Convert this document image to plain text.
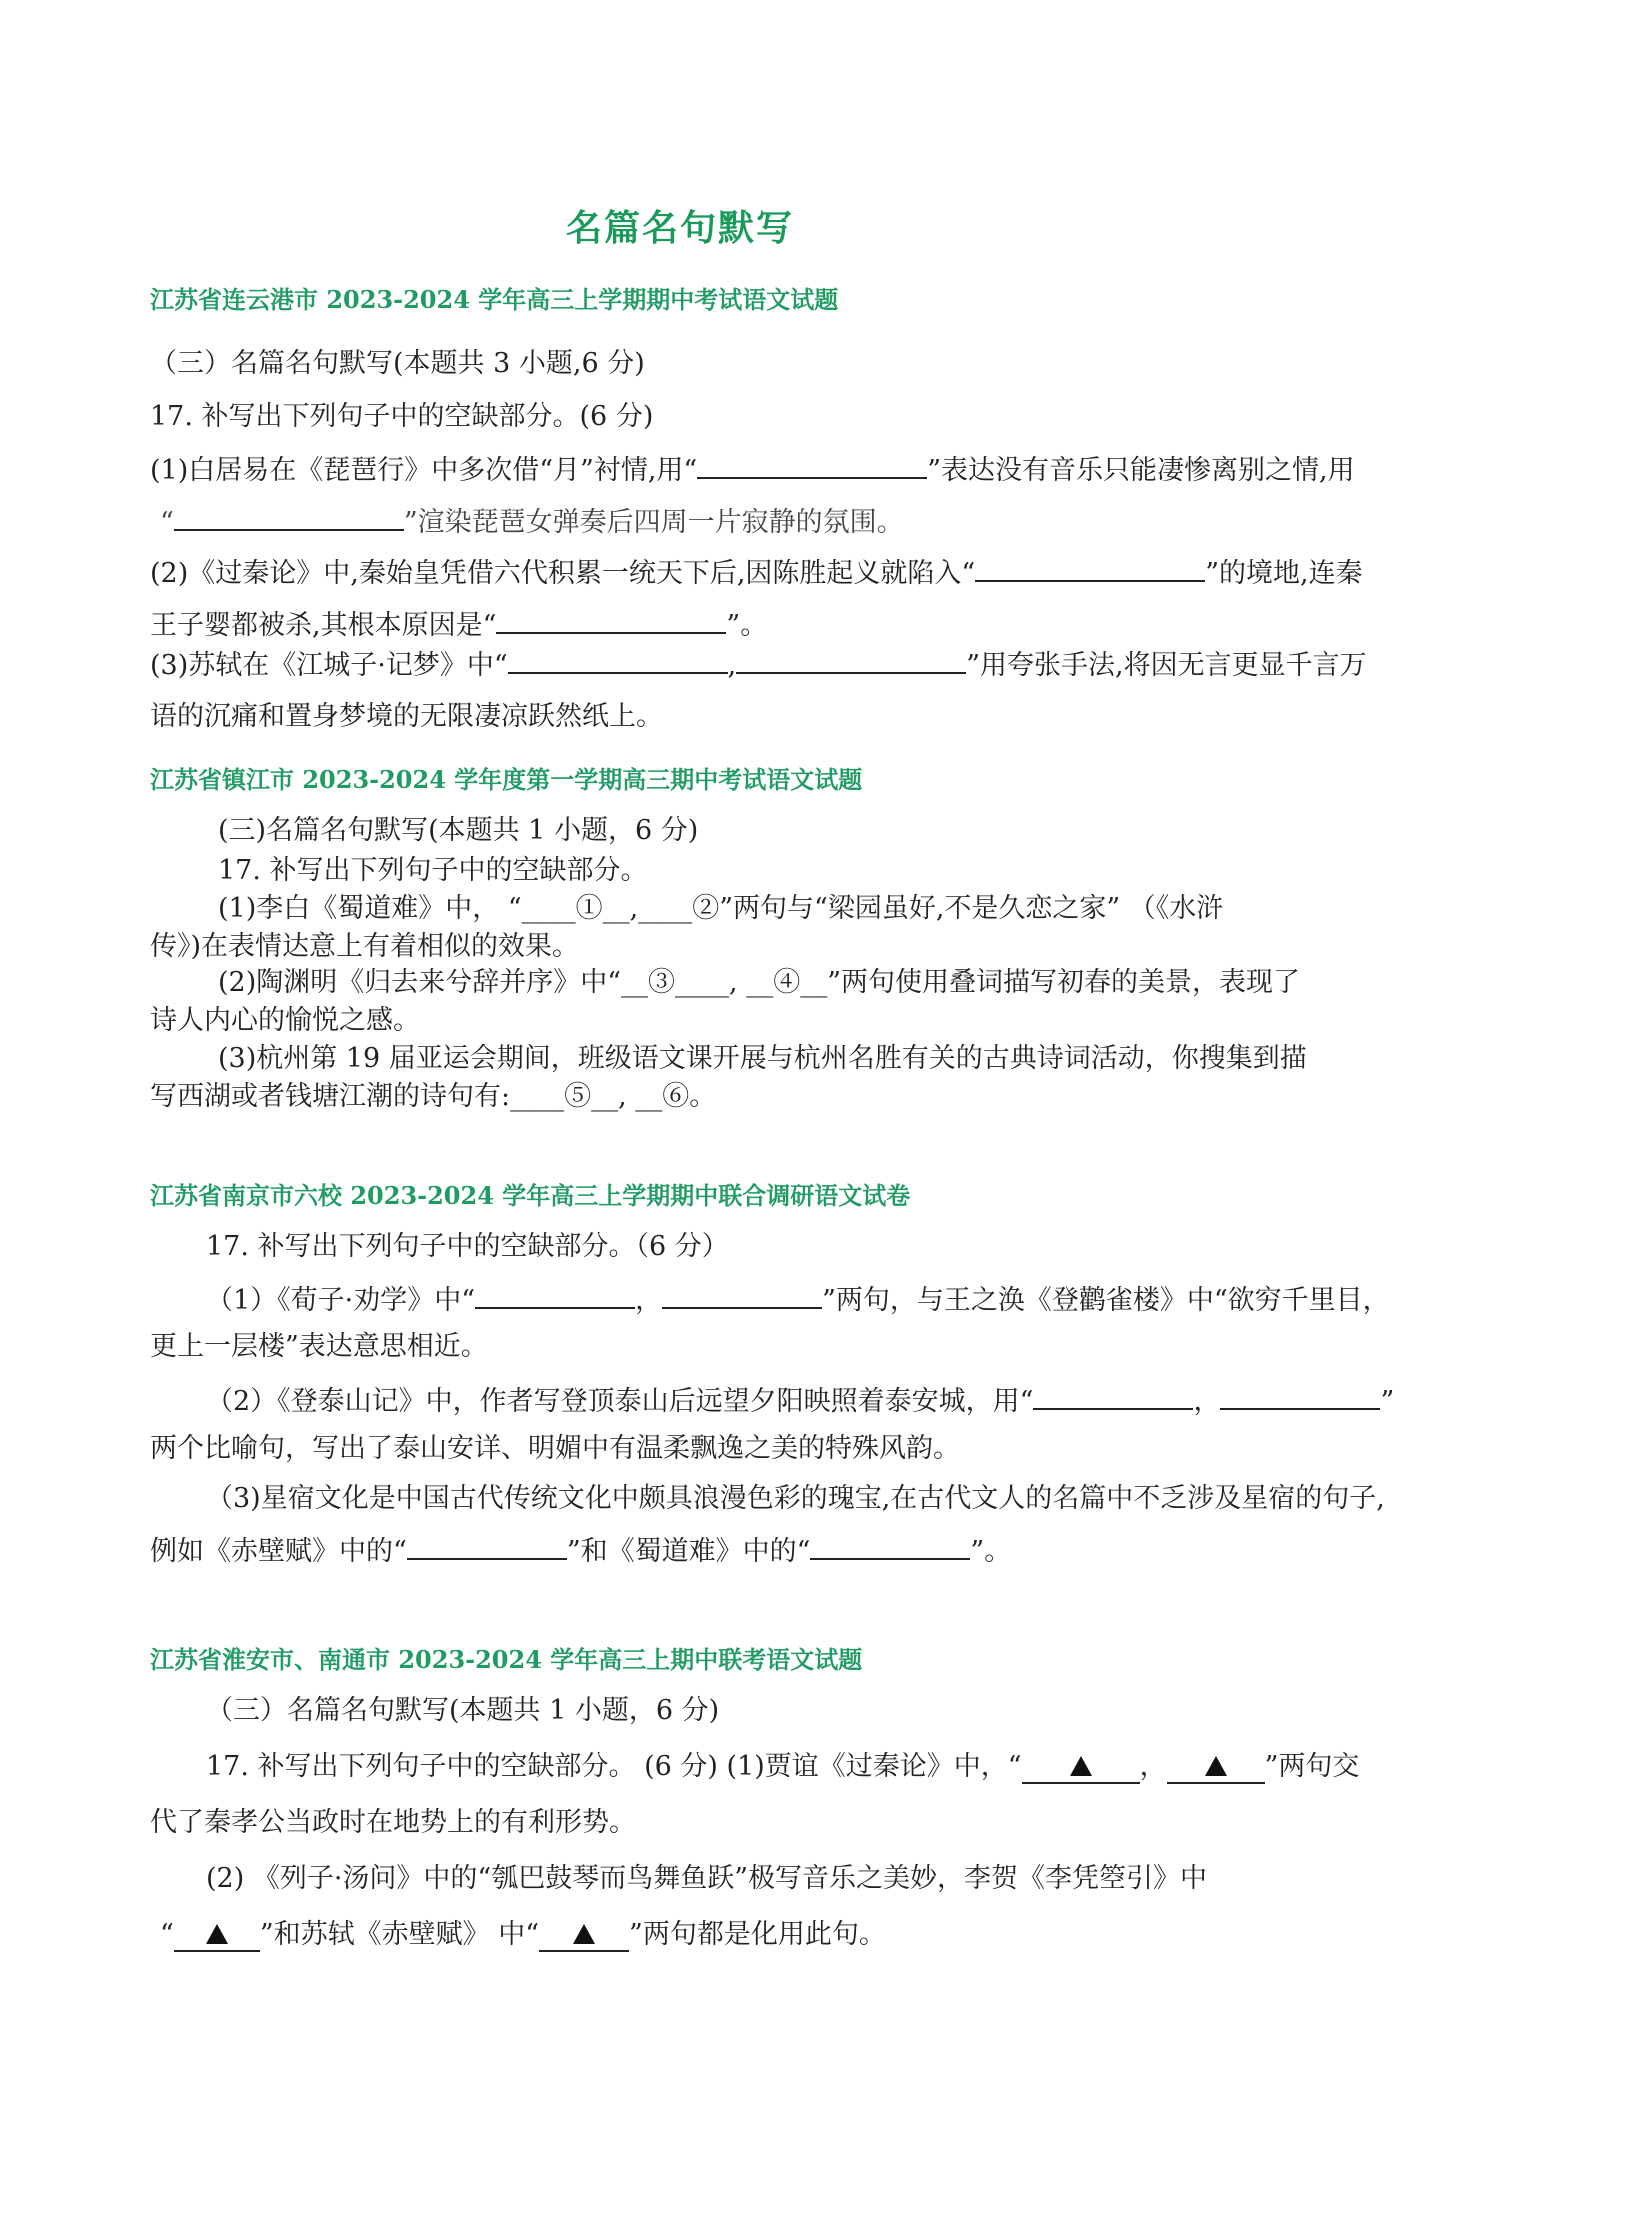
名篇名句默写
江苏省连云港市 2023-2024 学年高三上学期期中考试语文试题
（三）名篇名句默写(本题共 3 小题,6 分)
17. 补写出下列句子中的空缺部分。(6 分)
(1)白居易在《琵琶行》中多次借“月”衬情,用“	”表达没有音乐只能凄惨离别之情,用
“	”渲染琵琶女弹奏后四周一片寂静的氛围。
(2)《过秦论》中,秦始皇凭借六代积累一统天下后,因陈胜起义就陷入“	”的境地,连秦
王子婴都被杀,其根本原因是“	”。
(3)苏轼在《江城子·记梦》中“	,	”用夸张手法,将因无言更显千言万
语的沉痛和置身梦境的无限凄凉跃然纸上。
江苏省镇江市 2023-2024 学年度第一学期高三期中考试语文试题
(三)名篇名句默写(本题共 1 小题，6 分)
17. 补写出下列句子中的空缺部分。
(1)李白《蜀道难》中， “____①__,____②”两句与“梁园虽好,不是久恋之家” （《水浒
传》)在表情达意上有着相似的效果。
(2)陶渊明《归去来兮辞并序》中“__③____, __④__”两句使用叠词描写初春的美景，表现了
诗人内心的愉悦之感。
(3)杭州第 19 届亚运会期间，班级语文课开展与杭州名胜有关的古典诗词活动，你搜集到描
写西湖或者钱塘江潮的诗句有:____⑤__, __⑥。
江苏省南京市六校 2023-2024 学年高三上学期期中联合调研语文试卷
17. 补写出下列句子中的空缺部分。（6 分）
（1）《荀子·劝学》中“	，	”两句，与王之涣《登鹳雀楼》中“欲穷千里目，
更上一层楼”表达意思相近。
（2）《登泰山记》中，作者写登顶泰山后远望夕阳映照着泰安城，用“	，	”
两个比喻句，写出了泰山安详、明媚中有温柔飘逸之美的特殊风韵。
（3)星宿文化是中国古代传统文化中颇具浪漫色彩的瑰宝,在古代文人的名篇中不乏涉及星宿的句子,
例如《赤壁赋》中的“	”和《蜀道难》中的“	”。
江苏省淮安市、南通市 2023-2024 学年高三上期中联考语文试题
（三）名篇名句默写(本题共 1 小题，6 分)
17. 补写出下列句子中的空缺部分。 (6 分) (1)贾谊《过秦论》中，“	，	”两句交
代了秦孝公当政时在地势上的有利形势。
(2) 《列子·汤问》中的“瓠巴鼓琴而鸟舞鱼跃”极写音乐之美妙，李贺《李凭箜引》中
“	”和苏轼《赤壁赋》 中“	”两句都是化用此句。
